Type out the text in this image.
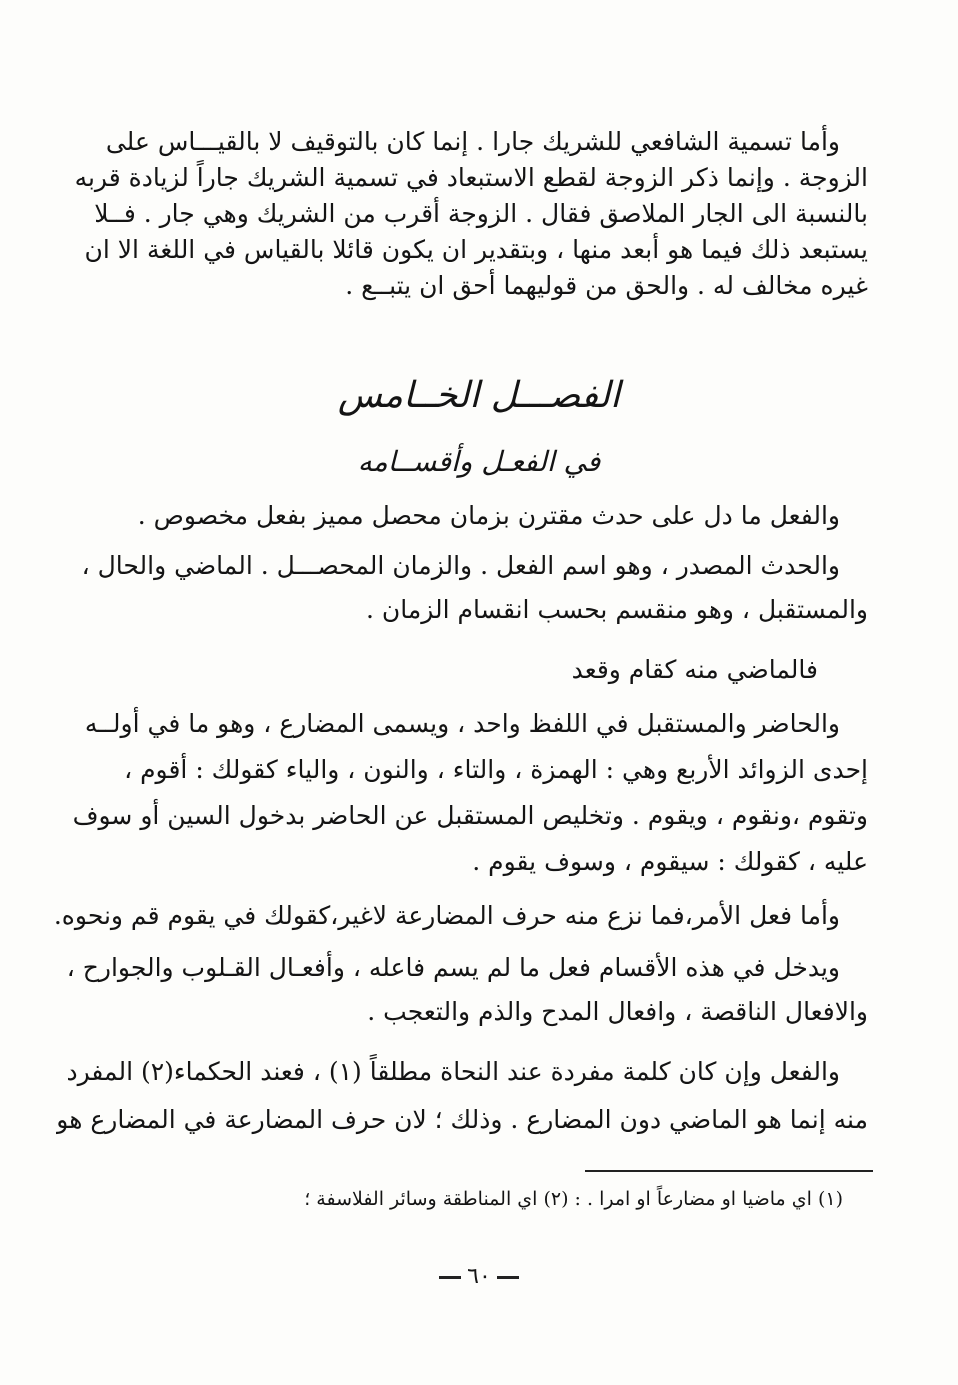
وأما تسمية الشافعي للشريك جارا . إنما كان بالتوقيف لا بالقيـــاس على
الزوجة . وإنما ذكر الزوجة لقطع الاستبعاد في تسمية الشريك جاراً لزيادة قربه
بالنسبة الى الجار الملاصق فقال . الزوجة أقرب من الشريك وهي جار . فــلا
يستبعد ذلك فيما هو أبعد منها ، وبتقدير ان يكون قائلا بالقياس في اللغة الا ان
غيره مخالف له . والحق من قوليهما أحق ان يتبــع .
الفصـــل الخــامس
في الفعـل وأقســامه
والفعل ما دل على حدث مقترن بزمان محصل مميز بفعل مخصوص .
والحدث المصدر ، وهو اسم الفعل . والزمان المحصـــل . الماضي والحال ،
والمستقبل ، وهو منقسم بحسب انقسام الزمان .
فالماضي منه كقام وقعد
والحاضر والمستقبل في اللفظ واحد ، ويسمى المضارع ، وهو ما في أولــه
إحدى الزوائد الأربع وهي : الهمزة ، والتاء ، والنون ، والياء كقولك : أقوم ،
وتقوم ،ونقوم ، ويقوم . وتخليص المستقبل عن الحاضر بدخول السين أو سوف
عليه ، كقولك : سيقوم ، وسوف يقوم .
وأما فعل الأمر،فما نزع منه حرف المضارعة لاغير،كقولك في يقوم قم ونحوه.
ويدخل في هذه الأقسام فعل ما لم يسم فاعله ، وأفعـال القـلوب والجوارح ،
والافعال الناقصة ، وافعال المدح والذم والتعجب .
والفعل وإن كان كلمة مفردة عند النحاة مطلقاً (١) ، فعند الحكماء(٢) المفرد
منه إنما هو الماضي دون المضارع . وذلك ؛ لان حرف المضارعة في المضارع هو
(١) اي ماضيا او مضارعاً او امرا . : (٢) اي المناطقة وسائر الفلاسفة ؛
٦٠
